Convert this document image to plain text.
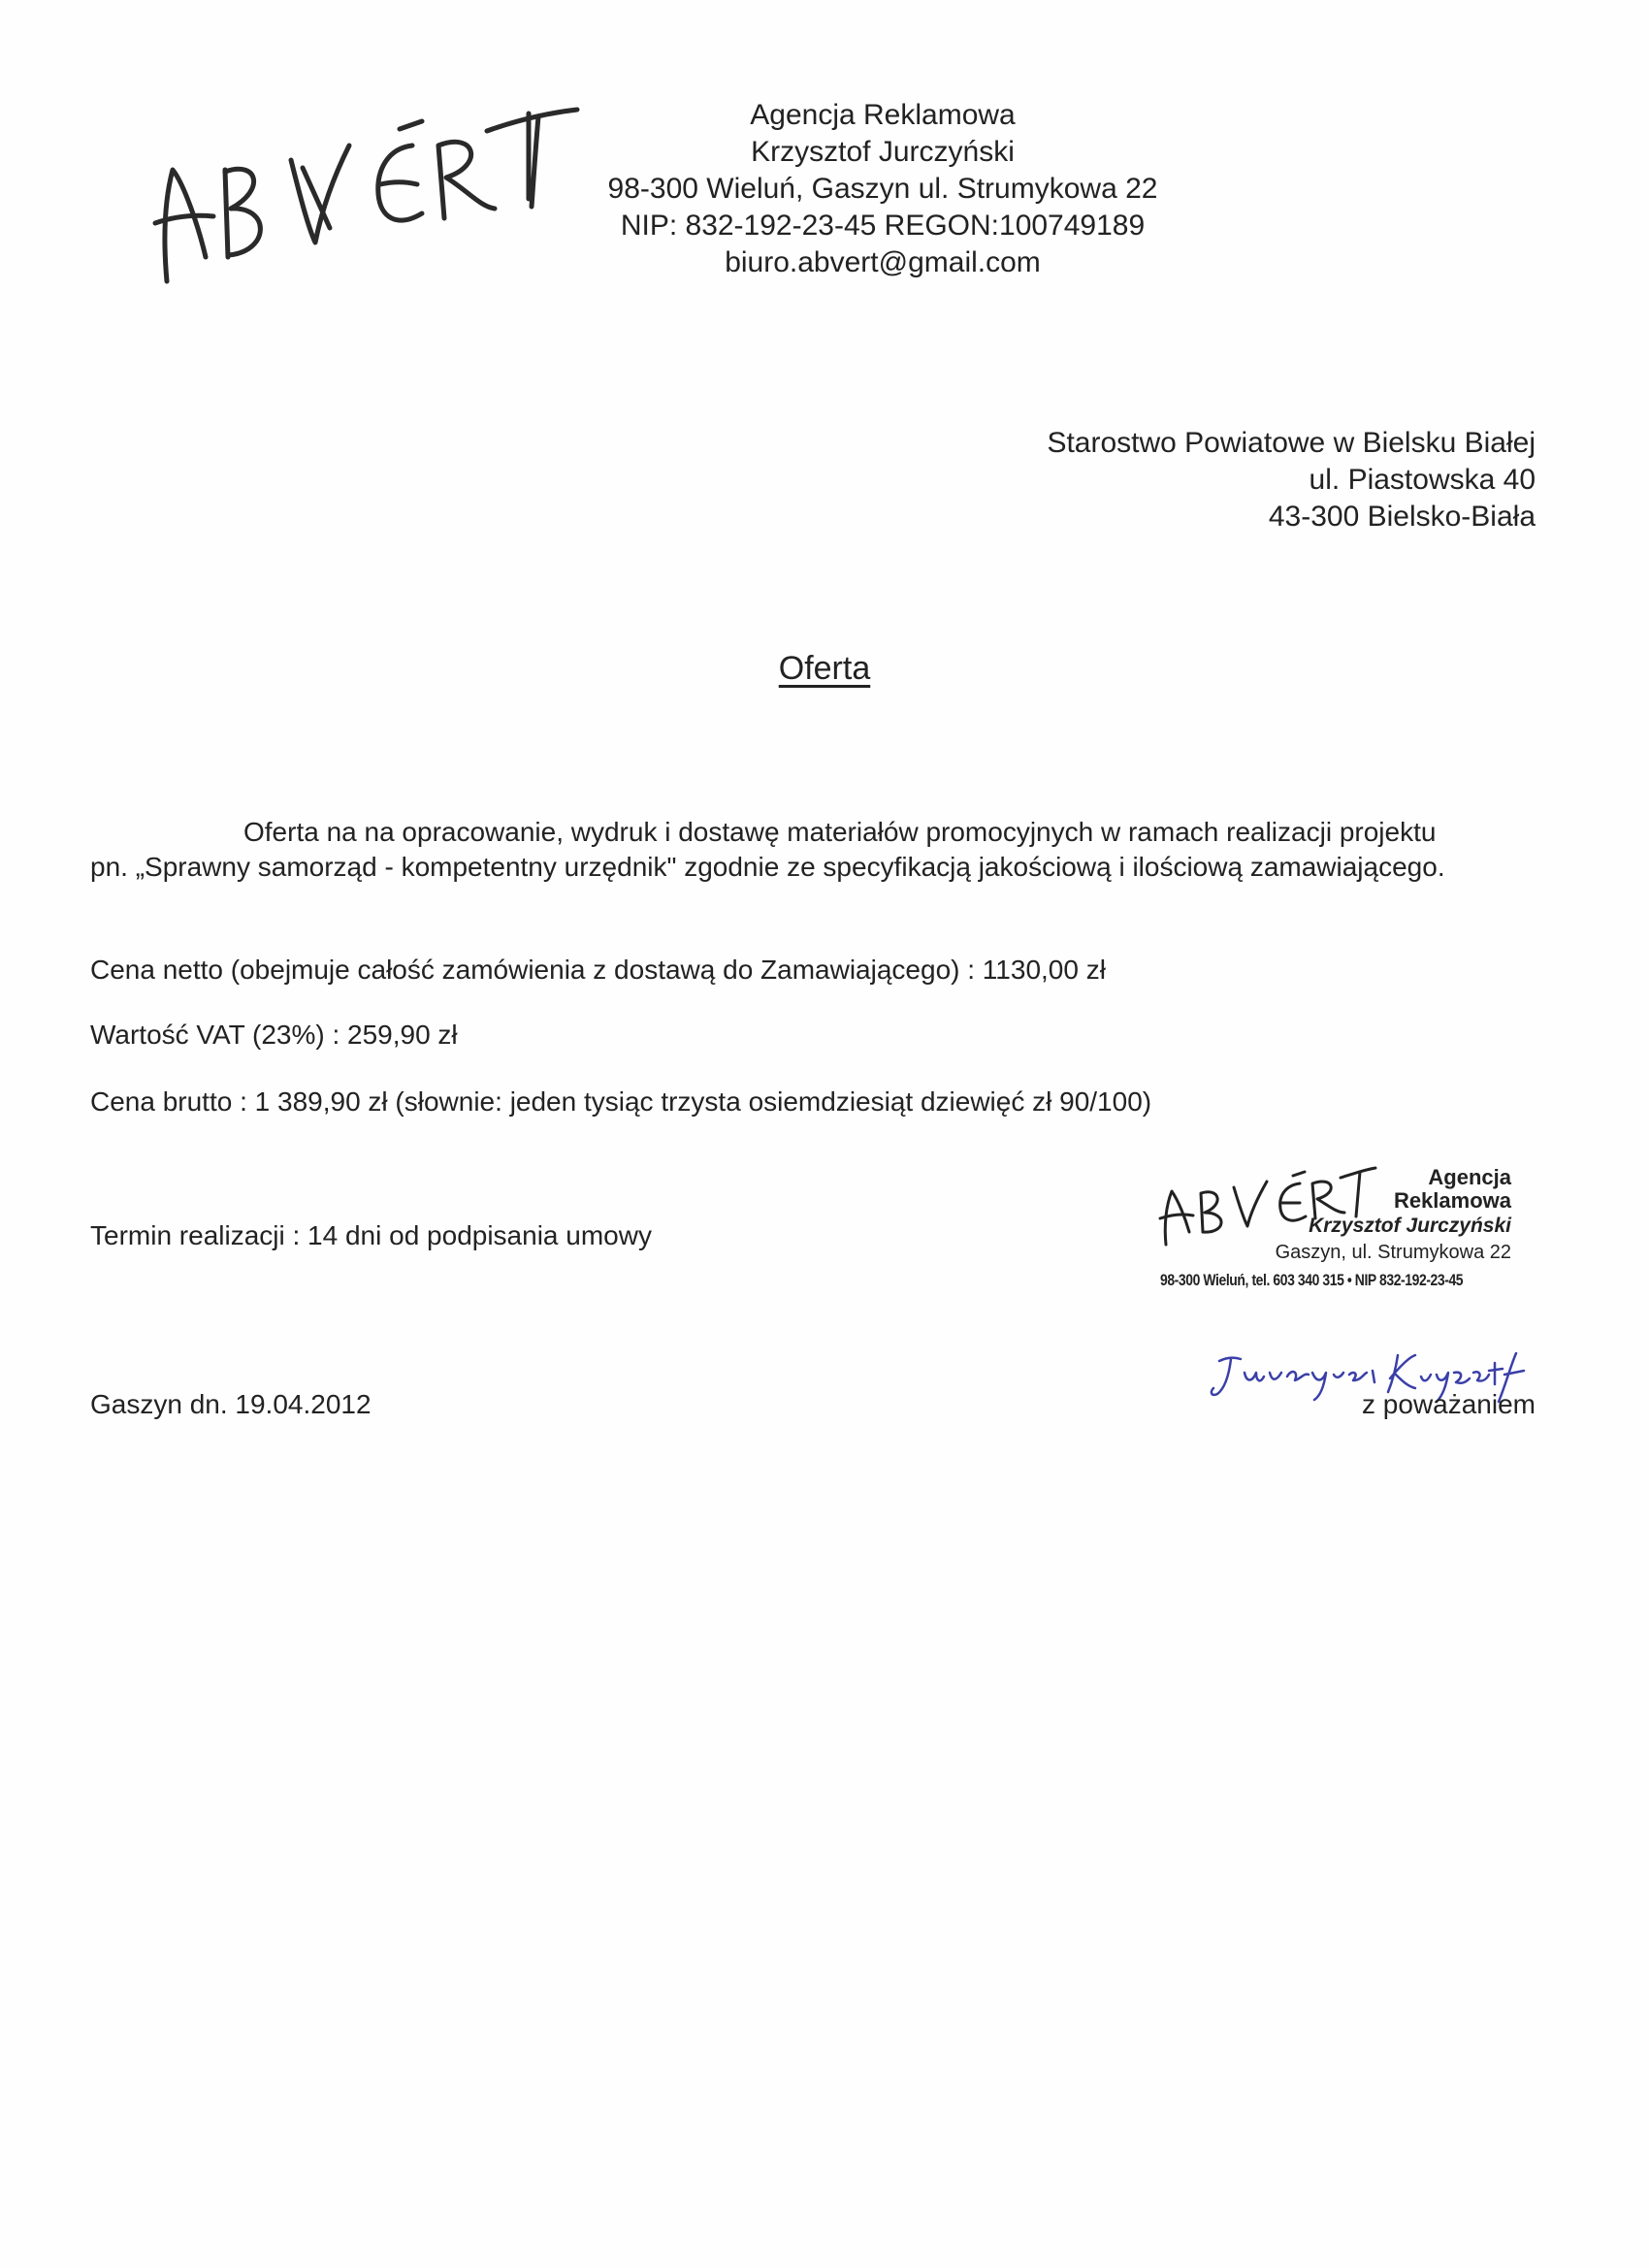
Agencja Reklamowa
Krzysztof Jurczyński
98-300 Wieluń, Gaszyn ul. Strumykowa 22
NIP: 832-192-23-45 REGON:100749189
biuro.abvert@gmail.com
Starostwo Powiatowe w Bielsku Białej
ul. Piastowska 40
43-300 Bielsko-Biała
Oferta

Oferta na na opracowanie, wydruk i dostawę materiałów promocyjnych w ramach realizacji projektu

pn. „Sprawny samorząd - kompetentny urzędnik" zgodnie ze specyfikacją jakościową i ilościową zamawiającego.

Cena netto (obejmuje całość zamówienia z dostawą do Zamawiającego) : 1130,00 zł
Wartość VAT (23%) : 259,90 zł
Cena brutto : 1 389,90 zł (słownie: jeden tysiąc trzysta osiemdziesiąt dziewięć zł 90/100)
Termin realizacji : 14 dni od podpisania umowy
Agencja
Reklamowa
Krzysztof Jurczyński
Gaszyn, ul. Strumykowa 22
98-300 Wieluń, tel. 603 340 315 • NIP 832-192-23-45
Gaszyn dn. 19.04.2012	z poważaniem
